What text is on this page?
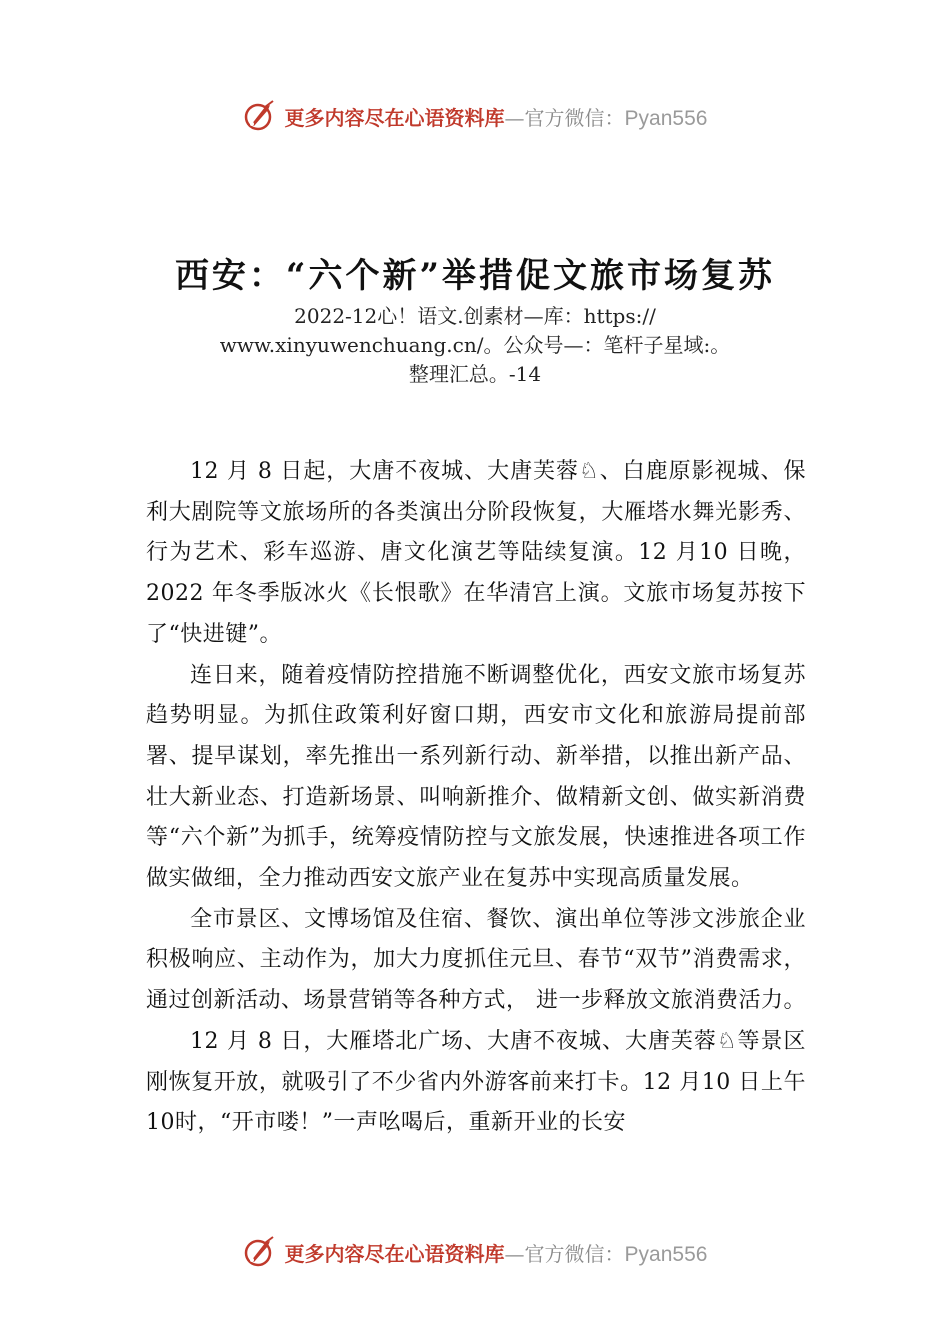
更多内容尽在心语资料库—官方微信：Pyan556
西安：“六个新”举措促文旅市场复苏
2022-12心！语文.创素材—库：https://
www.xinyuwenchuang.cn/。公众号—：笔杆子星域:。
整理汇总。-14

12 月 8 日起，大唐不夜城、大唐芙蓉♘、白鹿原影视城、保利大剧院等文旅场所的各类演出分阶段恢复，大雁塔水舞光影秀、行为艺术、彩车巡游、唐文化演艺等陆续复演。12 月10 日晚，2022 年冬季版冰火《长恨歌》在华清宫上演。文旅市场复苏按下了“快进键”。

连日来，随着疫情防控措施不断调整优化，西安文旅市场复苏趋势明显。为抓住政策利好窗口期，西安市文化和旅游局提前部署、提早谋划，率先推出一系列新行动、新举措，以推出新产品、壮大新业态、打造新场景、叫响新推介、做精新文创、做实新消费等“六个新”为抓手，统筹疫情防控与文旅发展，快速推进各项工作做实做细，全力推动西安文旅产业在复苏中实现高质量发展。

全市景区、文博场馆及住宿、餐饮、演出单位等涉文涉旅企业积极响应、主动作为，加大力度抓住元旦、春节“双节”消费需求，通过创新活动、场景营销等各种方式， 进一步释放文旅消费活力。

12 月 8 日，大雁塔北广场、大唐不夜城、大唐芙蓉♘等景区刚恢复开放，就吸引了不少省内外游客前来打卡。12 月10 日上午 10时，“开市喽！”一声吆喝后，重新开业的长安

更多内容尽在心语资料库—官方微信：Pyan556
